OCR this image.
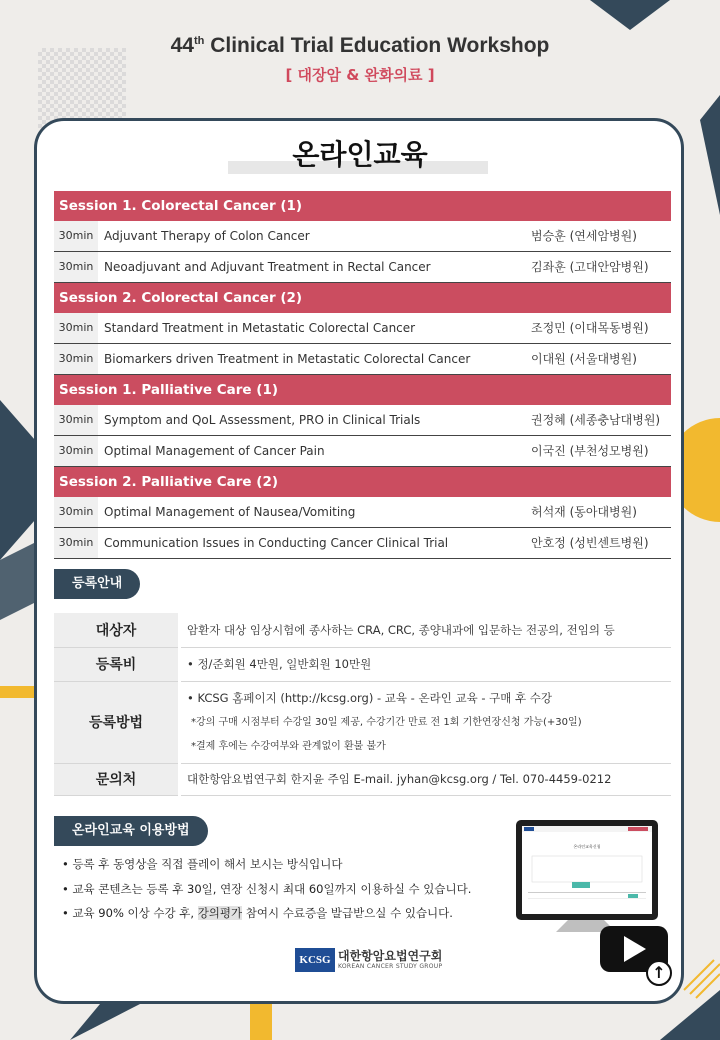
44th Clinical Trial Education Workshop
[ 대장암 & 완화의료 ]
온라인교육
Session 1. Colorectal Cancer (1)
30min Adjuvant Therapy of Colon Cancer	범승훈 (연세암병원)
30min Neoadjuvant and Adjuvant Treatment in Rectal Cancer	김좌훈 (고대안암병원)
Session 2. Colorectal Cancer (2)
30min Standard Treatment in Metastatic Colorectal Cancer	조정민 (이대목동병원)
30min Biomarkers driven Treatment in Metastatic Colorectal Cancer	이대원 (서울대병원)
Session 1. Palliative Care (1)
30min Symptom and QoL Assessment, PRO in Clinical Trials	권정혜 (세종충남대병원)
30min Optimal Management of Cancer Pain	이국진 (부천성모병원)
Session 2. Palliative Care (2)
30min Optimal Management of Nausea/Vomiting	허석재 (동아대병원)
30min Communication Issues in Conducting Cancer Clinical Trial	안호정 (성빈센트병원)
등록안내
대상자	암환자 대상 임상시험에 종사하는 CRA, CRC, 종양내과에 입문하는 전공의, 전임의 등
등록비	• 정/준회원 4만원, 일반회원 10만원
등록방법	• KCSG 홈페이지 (http://kcsg.org) - 교육 - 온라인 교육 - 구매 후 수강
*강의 구매 시점부터 수강일 30일 제공, 수강기간 만료 전 1회 기한연장신청 가능(+30일)
*결제 후에는 수강여부와 관계없이 환불 불가

문의처	대한항암요법연구회 한지윤 주임 E-mail. jyhan@kcsg.org / Tel. 070-4459-0212
온라인교육 이용방법
• 등록 후 동영상을 직접 플레이 해서 보시는 방식입니다
• 교육 콘텐츠는 등록 후 30일, 연장 신청시 최대 60일까지 이용하실 수 있습니다.
• 교육 90% 이상 수강 후, 강의평가 참여시 수료증을 발급받으실 수 있습니다.
온라인교육신청
↑
KCSG 대한항암요법연구회
KOREAN CANCER STUDY GROUP
